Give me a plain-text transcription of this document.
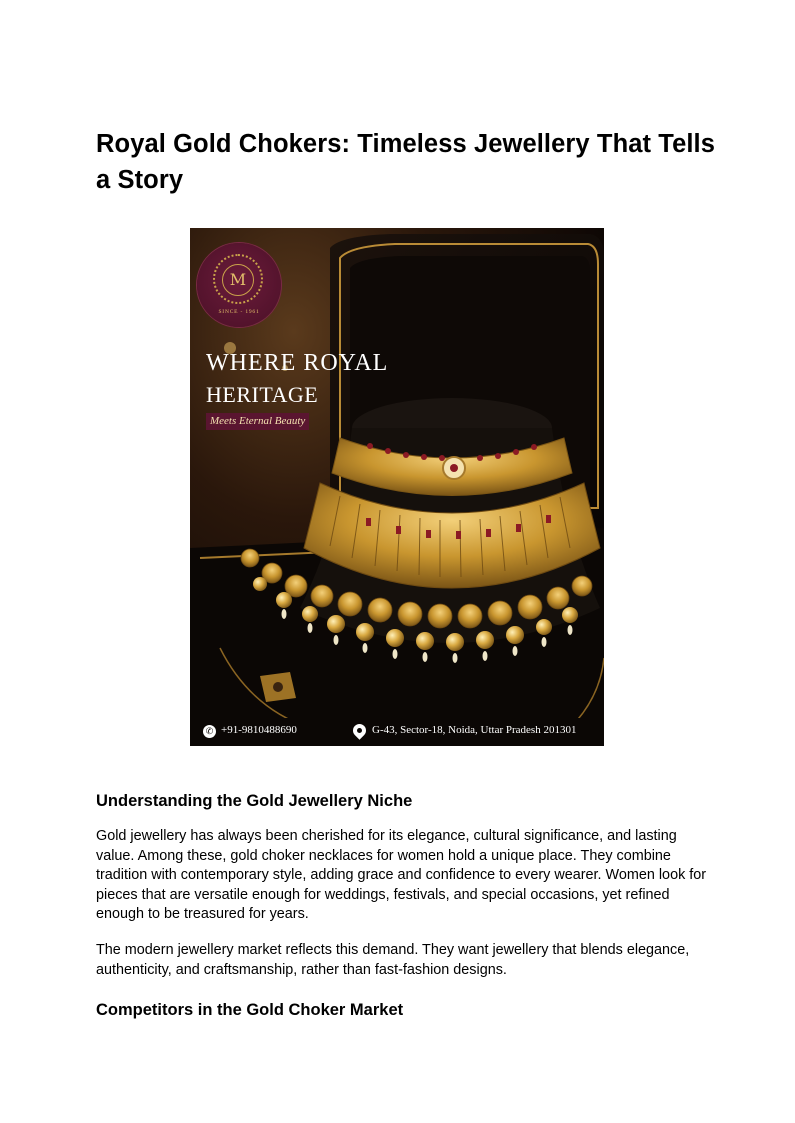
Royal Gold Chokers: Timeless Jewellery That Tells a Story
M
SINCE - 1961
WHERE ROYAL
HERITAGE
Meets Eternal Beauty
✆ +91-9810488690	G-43, Sector-18, Noida, Uttar Pradesh 201301
Understanding the Gold Jewellery Niche

Gold jewellery has always been cherished for its elegance, cultural significance, and lasting value. Among these, gold choker necklaces for women hold a unique place. They combine tradition with contemporary style, adding grace and confidence to every wearer. Women look for pieces that are versatile enough for weddings, festivals, and special occasions, yet refined enough to be treasured for years.

The modern jewellery market reflects this demand. They want jewellery that blends elegance, authenticity, and craftsmanship, rather than fast-fashion designs.

Competitors in the Gold Choker Market
